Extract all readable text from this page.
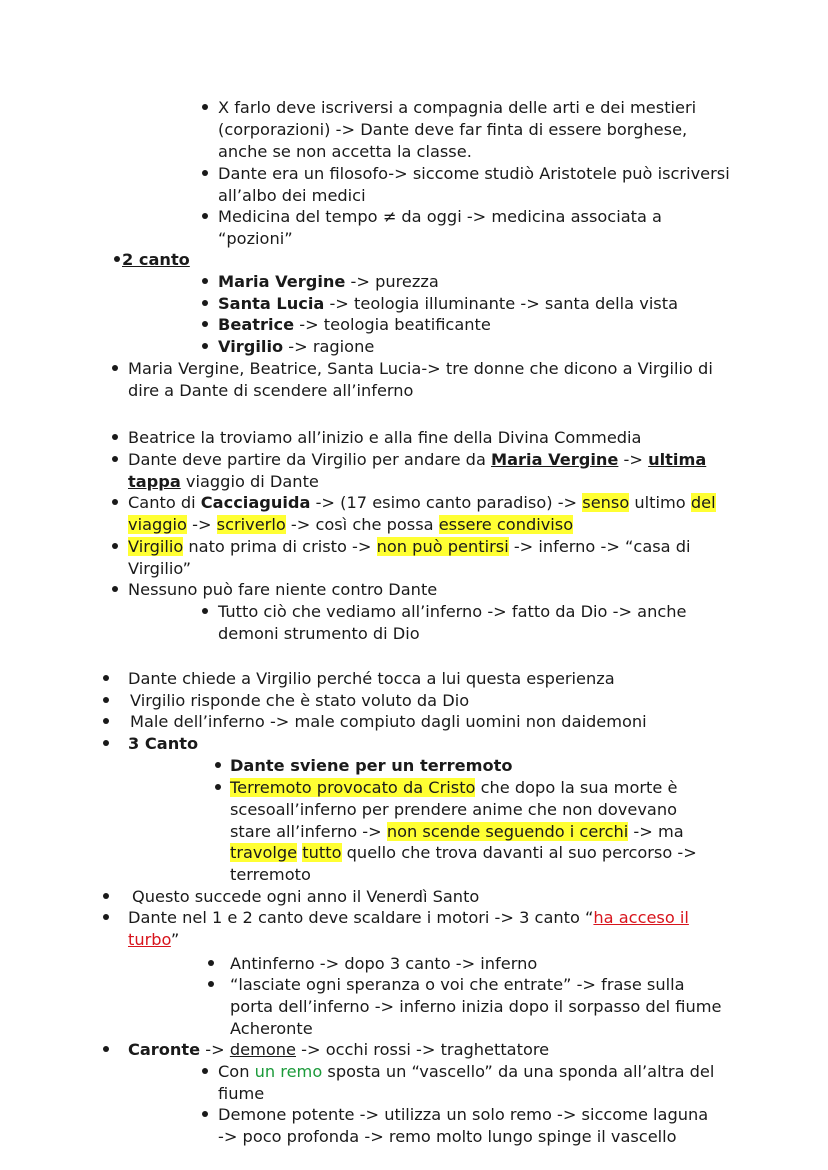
X farlo deve iscriversi a compagnia delle arti e dei mestieri
(corporazioni) -> Dante deve far finta di essere borghese,
anche se non accetta la classe.
Dante era un filosofo-> siccome studiò Aristotele può iscriversi
all’albo dei medici
Medicina del tempo ≠ da oggi -> medicina associata a
“pozioni”
2 canto
Maria Vergine -> purezza
Santa Lucia -> teologia illuminante -> santa della vista
Beatrice -> teologia beatificante
Virgilio -> ragione
Maria Vergine, Beatrice, Santa Lucia-> tre donne che dicono a Virgilio di
dire a Dante di scendere all’inferno
Beatrice la troviamo all’inizio e alla fine della Divina Commedia
Dante deve partire da Virgilio per andare da Maria Vergine -> ultima
tappa viaggio di Dante
Canto di Cacciaguida -> (17 esimo canto paradiso) -> senso ultimo del
viaggio -> scriverlo -> così che possa essere condiviso
Virgilio nato prima di cristo -> non può pentirsi -> inferno -> “casa di
Virgilio”
Nessuno può fare niente contro Dante
Tutto ciò che vediamo all’inferno -> fatto da Dio -> anche
demoni strumento di Dio
Dante chiede a Virgilio perché tocca a lui questa esperienza
Virgilio risponde che è stato voluto da Dio
Male dell’inferno -> male compiuto dagli uomini non daidemoni
3 Canto
Dante sviene per un terremoto
Terremoto provocato da Cristo che dopo la sua morte è
scesoall’inferno per prendere anime che non dovevano
stare all’inferno -> non scende seguendo i cerchi -> ma
travolge tutto quello che trova davanti al suo percorso ->
terremoto
Questo succede ogni anno il Venerdì Santo
Dante nel 1 e 2 canto deve scaldare i motori -> 3 canto “ha acceso il
turbo”
Antinferno -> dopo 3 canto -> inferno
“lasciate ogni speranza o voi che entrate” -> frase sulla
porta dell’inferno -> inferno inizia dopo il sorpasso del fiume
Acheronte
Caronte -> demone -> occhi rossi -> traghettatore
Con un remo sposta un “vascello” da una sponda all’altra del
fiume
Demone potente -> utilizza un solo remo -> siccome laguna
-> poco profonda -> remo molto lungo spinge il vascello
